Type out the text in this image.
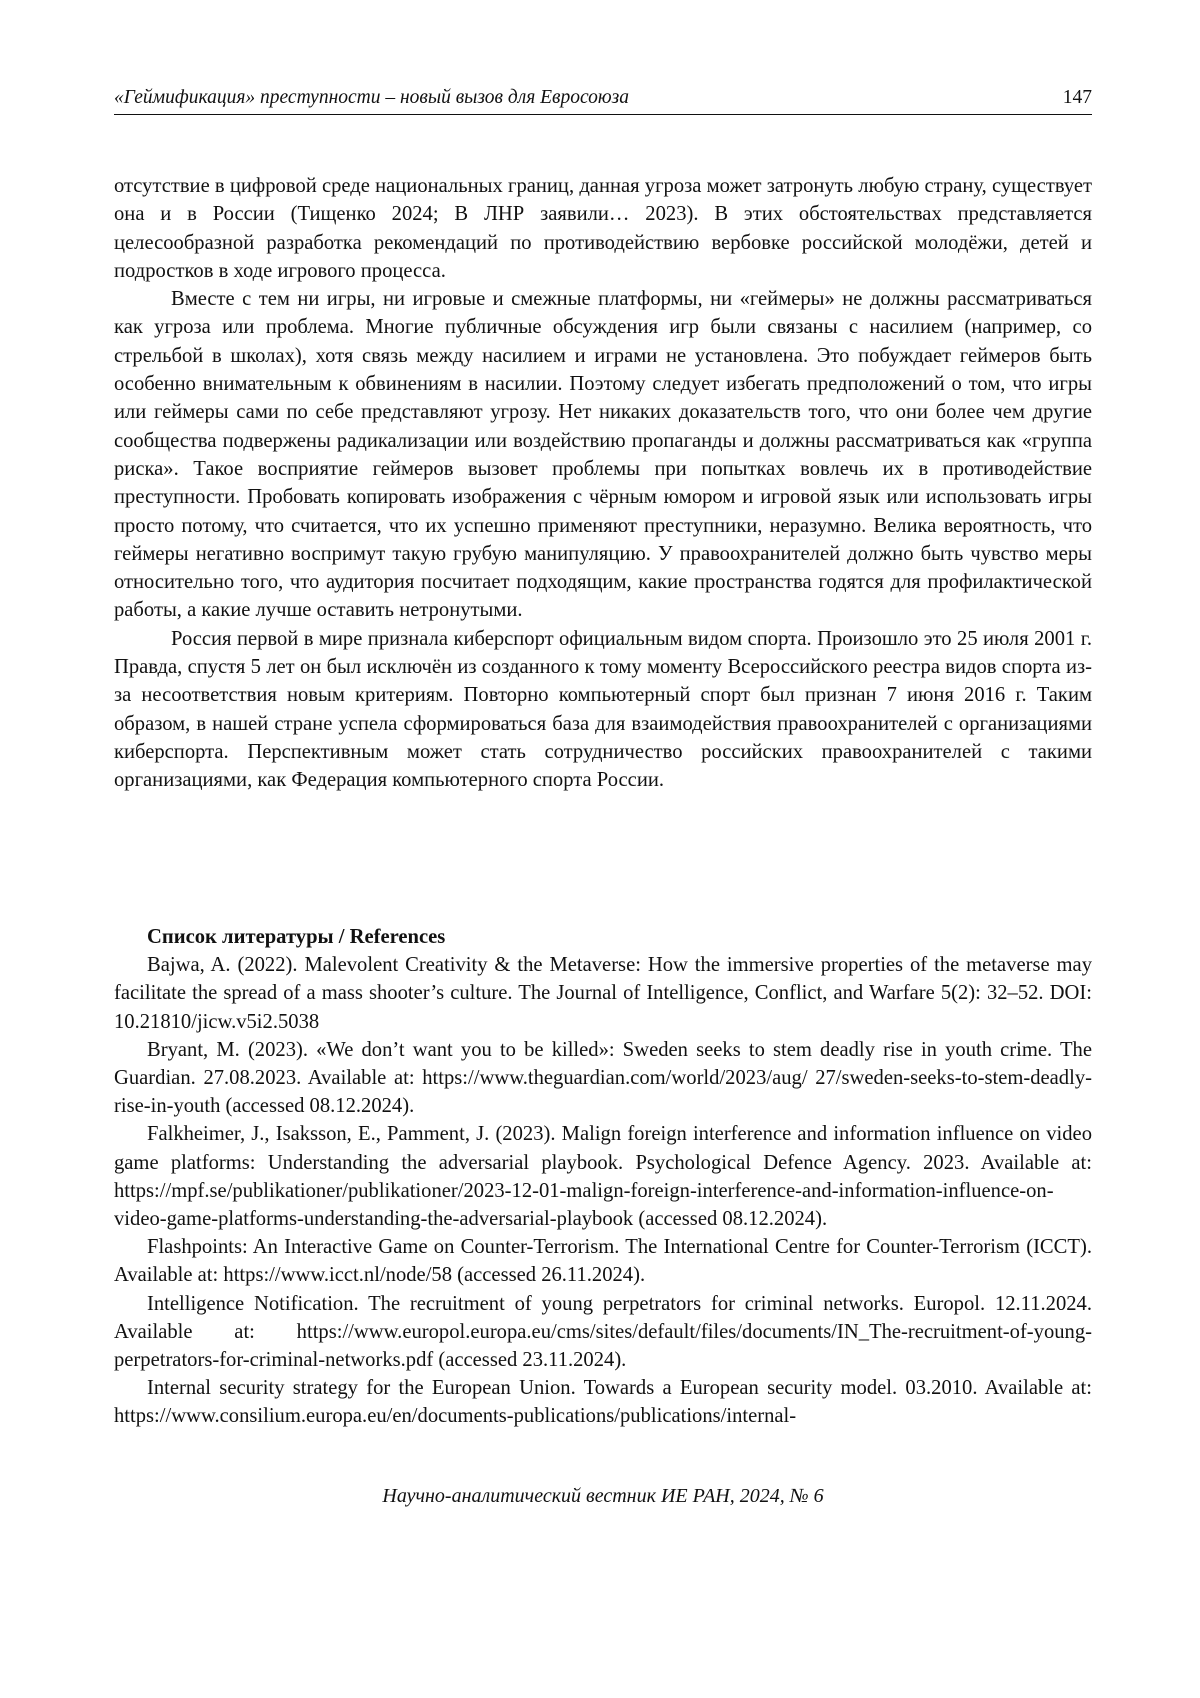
«Геймификация» преступности – новый вызов для Евросоюза	147

отсутствие в цифровой среде национальных границ, данная угроза может затронуть любую страну, существует она и в России (Тищенко 2024; В ЛНР заявили… 2023). В этих обстоятельствах представляется целесообразной разработка рекомендаций по противодействию вербовке российской молодёжи, детей и подростков в ходе игрового процесса.

Вместе с тем ни игры, ни игровые и смежные платформы, ни «геймеры» не должны рассматриваться как угроза или проблема. Многие публичные обсуждения игр были связаны с насилием (например, со стрельбой в школах), хотя связь между насилием и играми не установлена. Это побуждает геймеров быть особенно внимательным к обвинениям в насилии. Поэтому следует избегать предположений о том, что игры или геймеры сами по себе представляют угрозу. Нет никаких доказательств того, что они более чем другие сообщества подвержены радикализации или воздействию пропаганды и должны рассматриваться как «группа риска». Такое восприятие геймеров вызовет проблемы при попытках вовлечь их в противодействие преступности. Пробовать копировать изображения с чёрным юмором и игровой язык или использовать игры просто потому, что считается, что их успешно применяют преступники, неразумно. Велика вероятность, что геймеры негативно воспримут такую грубую манипуляцию. У правоохранителей должно быть чувство меры относительно того, что аудитория посчитает подходящим, какие пространства годятся для профилактической работы, а какие лучше оставить нетронутыми.

Россия первой в мире признала киберспорт официальным видом спорта. Произошло это 25 июля 2001 г. Правда, спустя 5 лет он был исключён из созданного к тому моменту Всероссийского реестра видов спорта из-за несоответствия новым критериям. Повторно компьютерный спорт был признан 7 июня 2016 г. Таким образом, в нашей стране успела сформироваться база для взаимодействия правоохранителей с организациями киберспорта. Перспективным может стать сотрудничество российских правоохранителей с такими организациями, как Федерация компьютерного спорта России.

Список литературы / References

Bajwa, A. (2022). Malevolent Creativity & the Metaverse: How the immersive properties of the metaverse may facilitate the spread of a mass shooter’s culture. The Journal of Intelligence, Conflict, and Warfare 5(2): 32–52. DOI: 10.21810/jicw.v5i2.5038

Bryant, M. (2023). «We don’t want you to be killed»: Sweden seeks to stem deadly rise in youth crime. The Guardian. 27.08.2023. Available at: https://www.theguardian.com/world/2023/aug/ 27/sweden-seeks-to-stem-deadly-rise-in-youth (accessed 08.12.2024).

Falkheimer, J., Isaksson, E., Pamment, J. (2023). Malign foreign interference and information influence on video game platforms: Understanding the adversarial playbook. Psychological Defence Agency. 2023. Available at: https://mpf.se/publikationer/publikationer/2023-12-01-malign-foreign-interference-and-information-influence-on-video-game-platforms-understanding-the-adversarial-playbook (accessed 08.12.2024).

Flashpoints: An Interactive Game on Counter-Terrorism. The International Centre for Counter-Terrorism (ICCT). Available at: https://www.icct.nl/node/58 (accessed 26.11.2024).

Intelligence Notification. The recruitment of young perpetrators for criminal networks. Europol. 12.11.2024. Available at: https://www.europol.europa.eu/cms/sites/default/files/documents/IN_The-recruitment-of-young-perpetrators-for-criminal-networks.pdf (accessed 23.11.2024).

Internal security strategy for the European Union. Towards a European security model. 03.2010. Available at: https://www.consilium.europa.eu/en/documents-publications/publications/internal-

Научно-аналитический вестник ИЕ РАН, 2024, № 6
